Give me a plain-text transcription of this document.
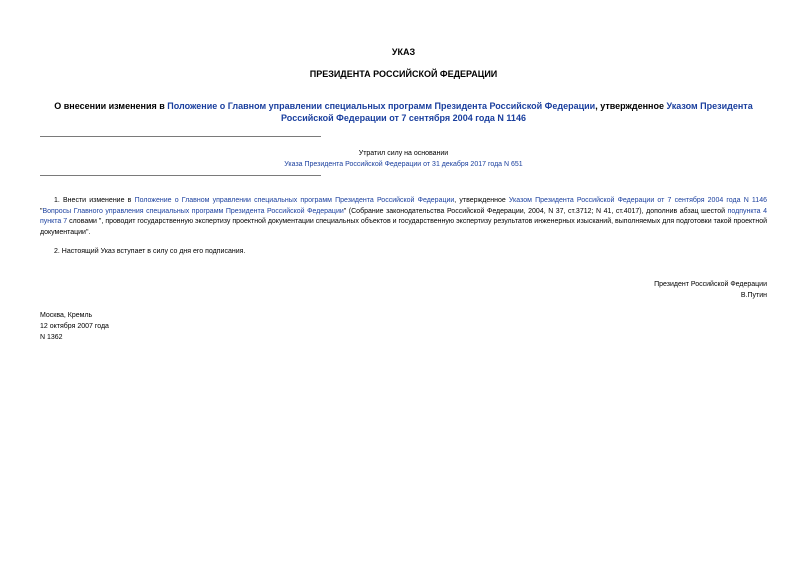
УКАЗ
ПРЕЗИДЕНТА РОССИЙСКОЙ ФЕДЕРАЦИИ
О внесении изменения в Положение о Главном управлении специальных программ Президента Российской Федерации, утвержденное Указом Президента Российской Федерации от 7 сентября 2004 года N 1146
Утратил силу на основании
Указа Президента Российской Федерации от 31 декабря 2017 года N 651
1. Внести изменение в Положение о Главном управлении специальных программ Президента Российской Федерации, утвержденное Указом Президента Российской Федерации от 7 сентября 2004 года N 1146 "Вопросы Главного управления специальных программ Президента Российской Федерации" (Собрание законодательства Российской Федерации, 2004, N 37, ст.3712; N 41, ст.4017), дополнив абзац шестой подпункта 4 пункта 7 словами ", проводит государственную экспертизу проектной документации специальных объектов и государственную экспертизу результатов инженерных изысканий, выполняемых для подготовки такой проектной документации".
2. Настоящий Указ вступает в силу со дня его подписания.
Президент Российской Федерации
В.Путин
Москва, Кремль
12 октября 2007 года
N 1362
